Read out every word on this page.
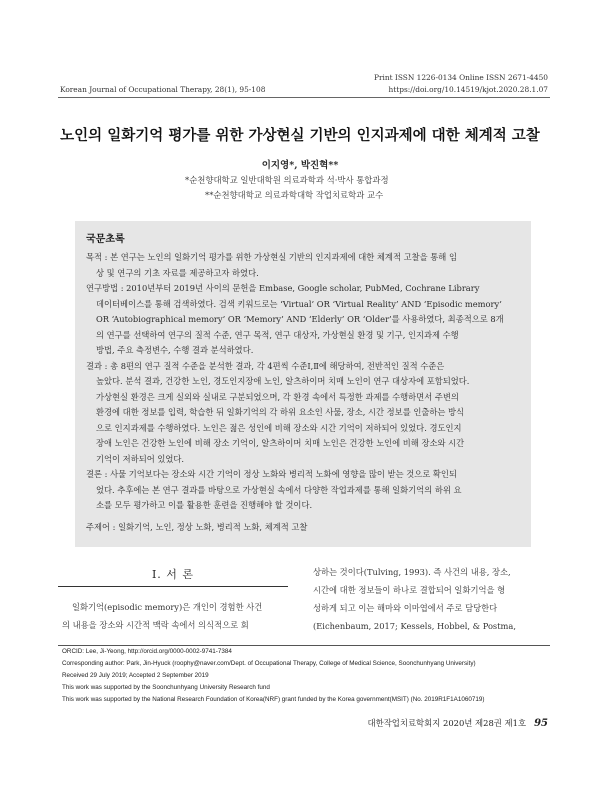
Print ISSN 1226-0134 Online ISSN 2671-4450
Korean Journal of Occupational Therapy, 28(1), 95-108	https://doi.org/10.14519/kjot.2020.28.1.07
노인의 일화기억 평가를 위한 가상현실 기반의 인지과제에 대한 체계적 고찰
이지영*, 박진혁**
*순천향대학교 일반대학원 의료과학과 석·박사 통합과정
**순천향대학교 의료과학대학 작업치료학과 교수
국문초록

목적 : 본 연구는 노인의 일화기억 평가를 위한 가상현실 기반의 인지과제에 대한 체계적 고찰을 통해 임

상 및 연구의 기초 자료를 제공하고자 하였다.

연구방법 : 2010년부터 2019년 사이의 문헌을 Embase, Google scholar, PubMed, Cochrane Library

데이터베이스를 통해 검색하였다. 검색 키워드로는 ‘Virtual’ OR ‘Virtual Reality’ AND ‘Episodic memory’

OR ‘Autobiographical memory’ OR ‘Memory’ AND ‘Elderly’ OR ‘Older’를 사용하였다, 최종적으로 8개

의 연구를 선택하여 연구의 질적 수준, 연구 목적, 연구 대상자, 가상현실 환경 및 기구, 인지과제 수행

방법, 주요 측정변수, 수행 결과 분석하였다.

결과 : 총 8편의 연구 질적 수준을 분석한 결과, 각 4편씩 수준Ⅰ,Ⅱ에 해당하여, 전반적인 질적 수준은

높았다. 분석 결과, 건강한 노인, 경도인지장애 노인, 알츠하이머 치매 노인이 연구 대상자에 포함되었다.

가상현실 환경은 크게 실외와 실내로 구분되었으며, 각 환경 속에서 특정한 과제를 수행하면서 주변의

환경에 대한 정보를 입력, 학습한 뒤 일화기억의 각 하위 요소인 사물, 장소, 시간 정보를 인출하는 방식

으로 인지과제를 수행하였다. 노인은 젊은 성인에 비해 장소와 시간 기억이 저하되어 있었다. 경도인지

장애 노인은 건강한 노인에 비해 장소 기억이, 알츠하이머 치매 노인은 건강한 노인에 비해 장소와 시간

기억이 저하되어 있었다.

결론 : 사물 기억보다는 장소와 시간 기억이 정상 노화와 병리적 노화에 영향을 많이 받는 것으로 확인되

었다. 추후에는 본 연구 결과를 바탕으로 가상현실 속에서 다양한 작업과제를 통해 일화기억의 하위 요

소를 모두 평가하고 이를 활용한 훈련을 진행해야 할 것이다.

주제어 : 일화기억, 노인, 정상 노화, 병리적 노화, 체계적 고찰
Ⅰ. 서 론
일화기억(episodic memory)은 개인이 경험한 사건
의 내용을 장소와 시간적 맥락 속에서 의식적으로 회
상하는 것이다(Tulving, 1993). 즉 사건의 내용, 장소,
시간에 대한 정보들이 하나로 결합되어 일화기억을 형
성하게 되고 이는 해마와 이마엽에서 주로 담당한다
(Eichenbaum, 2017; Kessels, Hobbel, & Postma,
ORCID: Lee, Ji-Yeong, http://orcid.org/0000-0002-9741-7384
Corresponding author: Park, Jin-Hyuck (roophy@naver.com/Dept. of Occupational Therapy, College of Medical Science, Soonchunhyang University)
Received 29 July 2019; Accepted 2 September 2019
This work was supported by the Soonchunhyang University Research fund
This work was supported by the National Research Foundation of Korea(NRF) grant funded by the Korea government(MSIT) (No. 2019R1F1A1060719)
대한작업치료학회지 2020년 제28권 제1호 95
